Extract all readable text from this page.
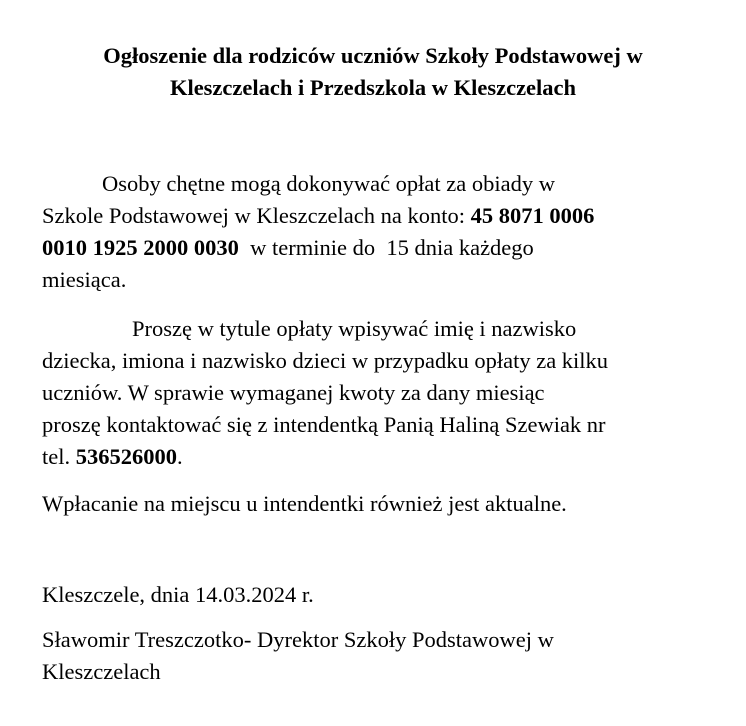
Ogłoszenie dla rodziców uczniów Szkoły Podstawowej w
Kleszczelach i Przedszkola w Kleszczelach
Osoby chętne mogą dokonywać opłat za obiady w
Szkole Podstawowej w Kleszczelach na konto: 45 8071 0006
0010 1925 2000 0030  w terminie do  15 dnia każdego
miesiąca.
Proszę w tytule opłaty wpisywać imię i nazwisko
dziecka, imiona i nazwisko dzieci w przypadku opłaty za kilku
uczniów. W sprawie wymaganej kwoty za dany miesiąc
proszę kontaktować się z intendentką Panią Haliną Szewiak nr
tel. 536526000.
Wpłacanie na miejscu u intendentki również jest aktualne.
Kleszczele, dnia 14.03.2024 r.
Sławomir Treszczotko- Dyrektor Szkoły Podstawowej w
Kleszczelach
